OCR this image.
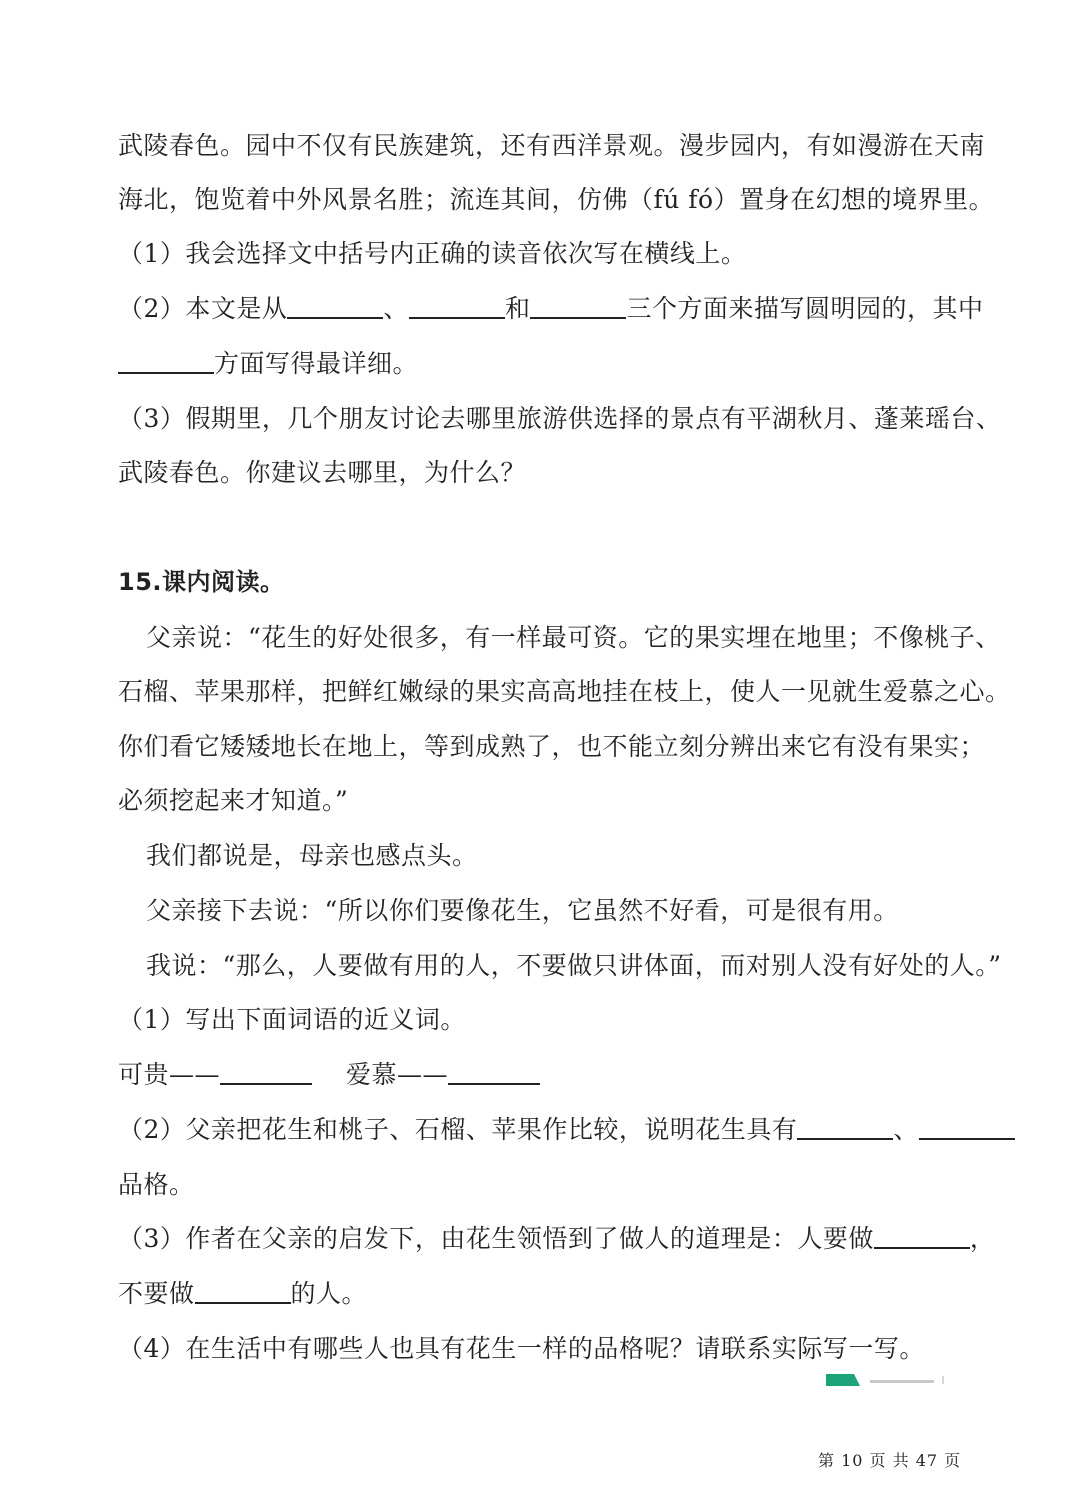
武陵春色。园中不仅有民族建筑，还有西洋景观。漫步园内，有如漫游在天南
海北，饱览着中外风景名胜；流连其间，仿佛（fú fó）置身在幻想的境界里。
（1）我会选择文中括号内正确的读音依次写在横线上。
（2）本文是从	、	和	三个方面来描写圆明园的，其中
方面写得最详细。
（3）假期里，几个朋友讨论去哪里旅游供选择的景点有平湖秋月、蓬莱瑶台、
武陵春色。你建议去哪里，为什么？
15.课内阅读。
父亲说：“花生的好处很多，有一样最可资。它的果实埋在地里；不像桃子、
石榴、苹果那样，把鲜红嫩绿的果实高高地挂在枝上，使人一见就生爱慕之心。
你们看它矮矮地长在地上，等到成熟了，也不能立刻分辨出来它有没有果实；
必须挖起来才知道。”
我们都说是，母亲也感点头。
父亲接下去说：“所以你们要像花生，它虽然不好看，可是很有用。
我说：“那么，人要做有用的人，不要做只讲体面，而对别人没有好处的人。”
（1）写出下面词语的近义词。
可贵——	爱慕——
（2）父亲把花生和桃子、石榴、苹果作比较，说明花生具有	、
品格。
（3）作者在父亲的启发下，由花生领悟到了做人的道理是：人要做	，
不要做	的人。
（4）在生活中有哪些人也具有花生一样的品格呢？请联系实际写一写。
第 10 页 共 47 页
